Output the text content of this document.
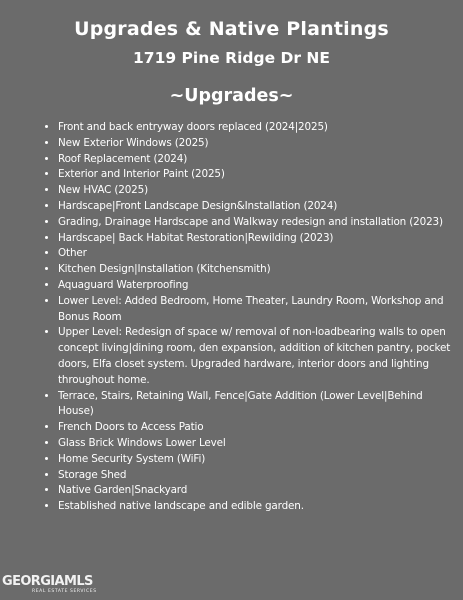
Upgrades & Native Plantings
1719 Pine Ridge Dr NE
~Upgrades~
• Front and back entryway doors replaced (2024|2025)
• New Exterior Windows (2025)
• Roof Replacement (2024)
• Exterior and Interior Paint (2025)
• New HVAC (2025)
• Hardscape|Front Landscape Design&Installation (2024)
• Grading, Drainage Hardscape and Walkway redesign and installation (2023)
• Hardscape| Back Habitat Restoration|Rewilding (2023)
• Other
• Kitchen Design|Installation (Kitchensmith)
• Aquaguard Waterproofing
• Lower Level: Added Bedroom, Home Theater, Laundry Room, Workshop and Bonus Room
• Upper Level: Redesign of space w/ removal of non-loadbearing walls to open concept living|dining room, den expansion, addition of kitchen pantry, pocket doors, Elfa closet system. Upgraded hardware, interior doors and lighting throughout home.
• Terrace, Stairs, Retaining Wall, Fence|Gate Addition (Lower Level|Behind House)
• French Doors to Access Patio
• Glass Brick Windows Lower Level
• Home Security System (WiFi)
• Storage Shed
• Native Garden|Snackyard
• Established native landscape and edible garden.
GEORGIAMLS
REAL ESTATE SERVICES
